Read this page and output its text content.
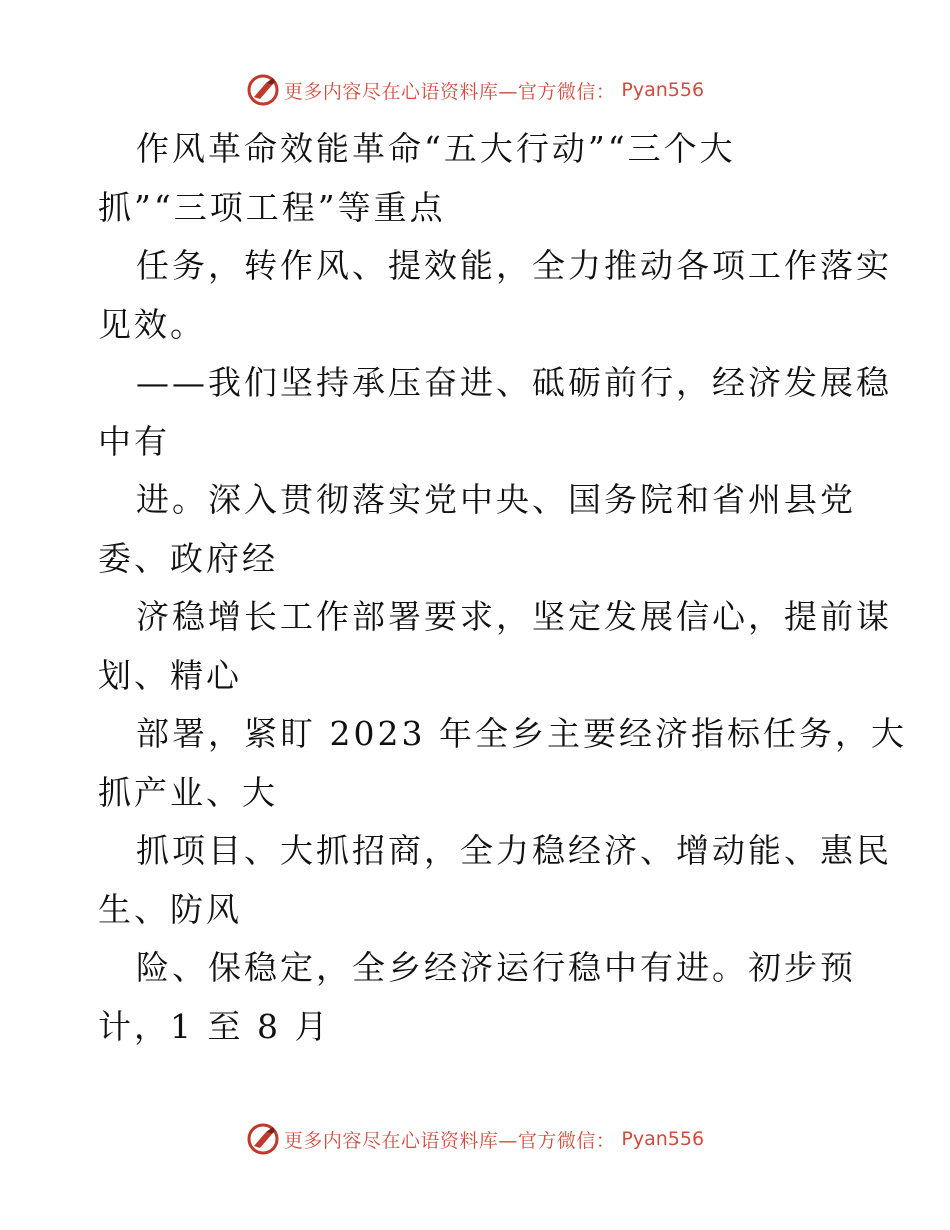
更多内容尽在心语资料库—官方微信： Pyan556
作风革命效能革命“五大行动”“三个大
抓”“三项工程”等重点
任务，转作风、提效能，全力推动各项工作落实
见效。
——我们坚持承压奋进、砥砺前行，经济发展稳
中有
进。深入贯彻落实党中央、国务院和省州县党
委、政府经
济稳增长工作部署要求，坚定发展信心，提前谋
划、精心
部署，紧盯 2023 年全乡主要经济指标任务，大
抓产业、大
抓项目、大抓招商，全力稳经济、增动能、惠民
生、防风
险、保稳定，全乡经济运行稳中有进。初步预
计，1 至 8 月
更多内容尽在心语资料库—官方微信： Pyan556
